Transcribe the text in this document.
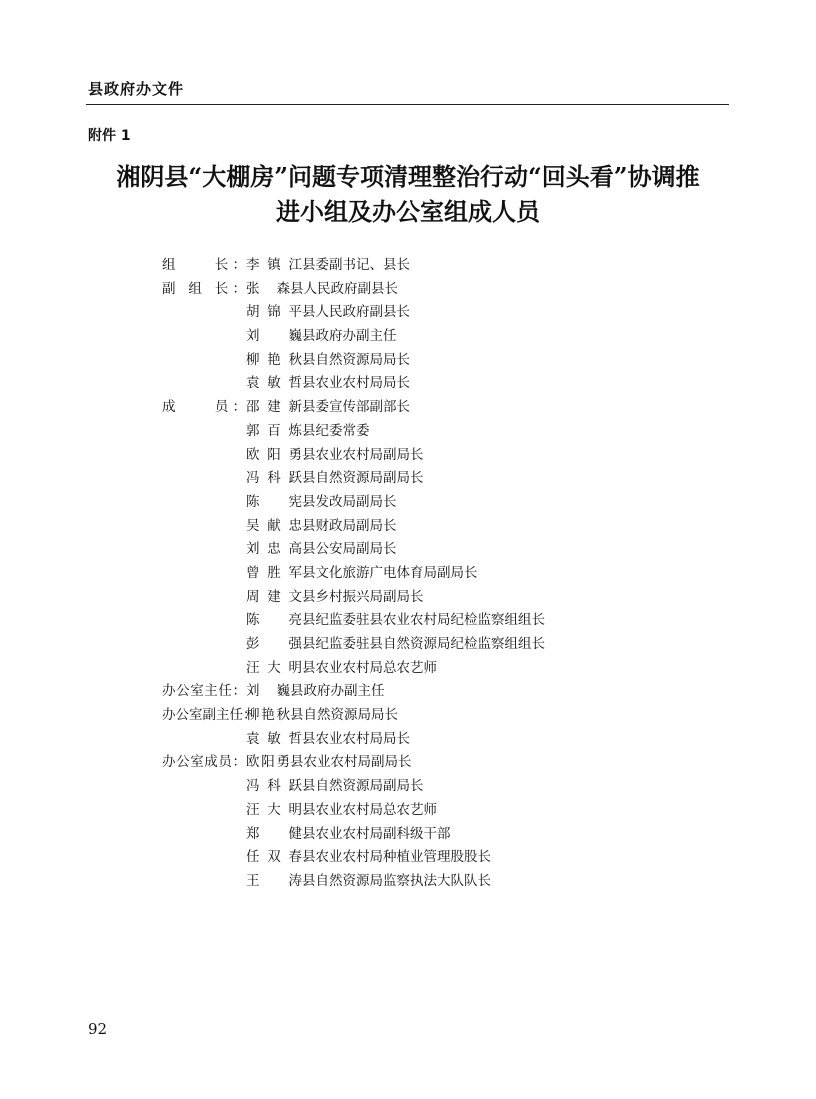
县政府办文件
附件 1
湘阴县“大棚房”问题专项清理整治行动“回头看”协调推
进小组及办公室组成人员
组　　长：李镇江县委副书记、县长
副 组 长：张　森县人民政府副县长
胡锦平县人民政府副县长
刘　巍县政府办副主任
柳艳秋县自然资源局局长
袁敏哲县农业农村局局长
成　　员：邵建新县委宣传部副部长
郭百炼县纪委常委
欧阳勇县农业农村局副局长
冯科跃县自然资源局副局长
陈　宪县发改局副局长
吴献忠县财政局副局长
刘忠高县公安局副局长
曾胜军县文化旅游广电体育局副局长
周建文县乡村振兴局副局长
陈　亮县纪监委驻县农业农村局纪检监察组组长
彭　强县纪监委驻县自然资源局纪检监察组组长
汪大明县农业农村局总农艺师
办公室主任：刘　巍县政府办副主任
办公室副主任：柳艳秋县自然资源局局长
袁敏哲县农业农村局局长
办公室成员：欧阳勇县农业农村局副局长
冯科跃县自然资源局副局长
汪大明县农业农村局总农艺师
郑　健县农业农村局副科级干部
任双春县农业农村局种植业管理股股长
王　涛县自然资源局监察执法大队队长
92
